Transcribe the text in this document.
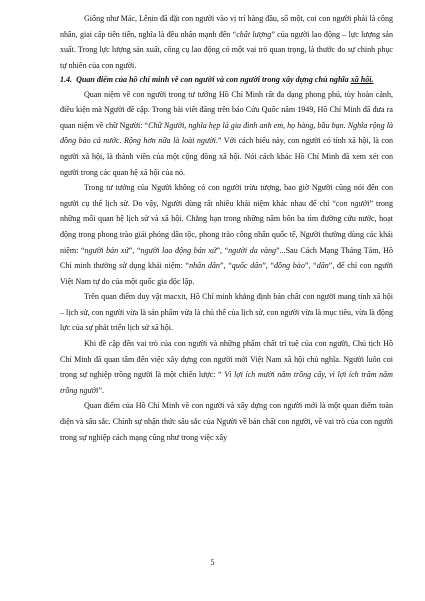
Giống như Mác, Lênin đã đặt con người vào vị trí hàng đầu, số một, coi con người phải là công nhân, giai cấp tiên tiến, nghĩa là đều nhấn mạnh đến “chất lượng” của người lao động – lực lượng sản xuất. Trong lực lượng sản xuất, công cụ lao động có một vai trò quan trọng, là thước đo sự chinh phục tự nhiên của con người.

1.4. Quan điểm của hồ chí minh về con người và con người trong xây dựng chủ nghĩa xã hội.

Quan niệm về con người trong tư tưởng Hồ Chí Minh rất đa dạng phong phú, tùy hoàn cảnh, điều kiện mà Người đề cập. Trong bài viết đăng trên báo Cứu Quốc năm 1949, Hồ Chí Minh đã đưa ra quan niệm về chữ Người: “Chữ Người, nghĩa hẹp là gia đình anh em, họ hàng, bầu bạn. Nghĩa rộng là đồng bào cả nước. Rộng hơn nữa là loài người.” Với cách hiểu này, con người có tính xã hội, là con người xã hội, là thành viên của một cộng đồng xã hội. Nói cách khác Hồ Chí Minh đã xem xét con người trong các quan hệ xã hội của nó.

Trong tư tưởng của Người không có con người trừu tượng, bao giờ Người cũng nói đến con người cụ thể lịch sử. Do vậy, Người dùng rất nhiều khái niệm khác nhau để chỉ “con người” trong những mối quan hệ lịch sử và xã hội. Chẳng hạn trong những năm bôn ba tìm đường cứu nước, hoạt động trong phong trào giải phóng dân tộc, phong trào công nhân quốc tế, Người thường dùng các khái niệm: “người bản xứ”, “người lao động bản xứ”, “người da vàng”...Sau Cách Mạng Tháng Tám, Hồ Chí minh thường sử dụng khái niệm: “nhân dân”, “quốc dân”, “đồng bào”, “dân”, để chỉ con người Việt Nam tự do của một quốc gia độc lập.

Trên quan điểm duy vật macxit, Hồ Chí minh khẳng định bản chất con người mang tính xã hội – lịch sử, con người vừa là sản phẩm vừa là chủ thể của lịch sử, con người vừa là mục tiêu, vừa là động lực của sự phát triển lịch sử xã hội.

Khi đề cập đến vai trò của con người và những phẩm chất trí tuệ của con người, Chủ tịch Hồ Chí Minh đã quan tâm đến việc xây dựng con người mới Việt Nam xã hội chủ nghĩa. Người luôn coi trọng sự nghiệp trồng người là một chiến lược: “ Vì lợi ích mười năm trồng cây, vì lợi ích trăm năm trồng người”.

Quan điểm của Hồ Chí Minh về con người và xây dựng con người mới là một quan điểm toàn diện và sâu sắc. Chính sự nhận thức sâu sắc của Người về bản chất con người, về vai trò của con người trong sự nghiệp cách mạng cũng như trong việc xây

5
